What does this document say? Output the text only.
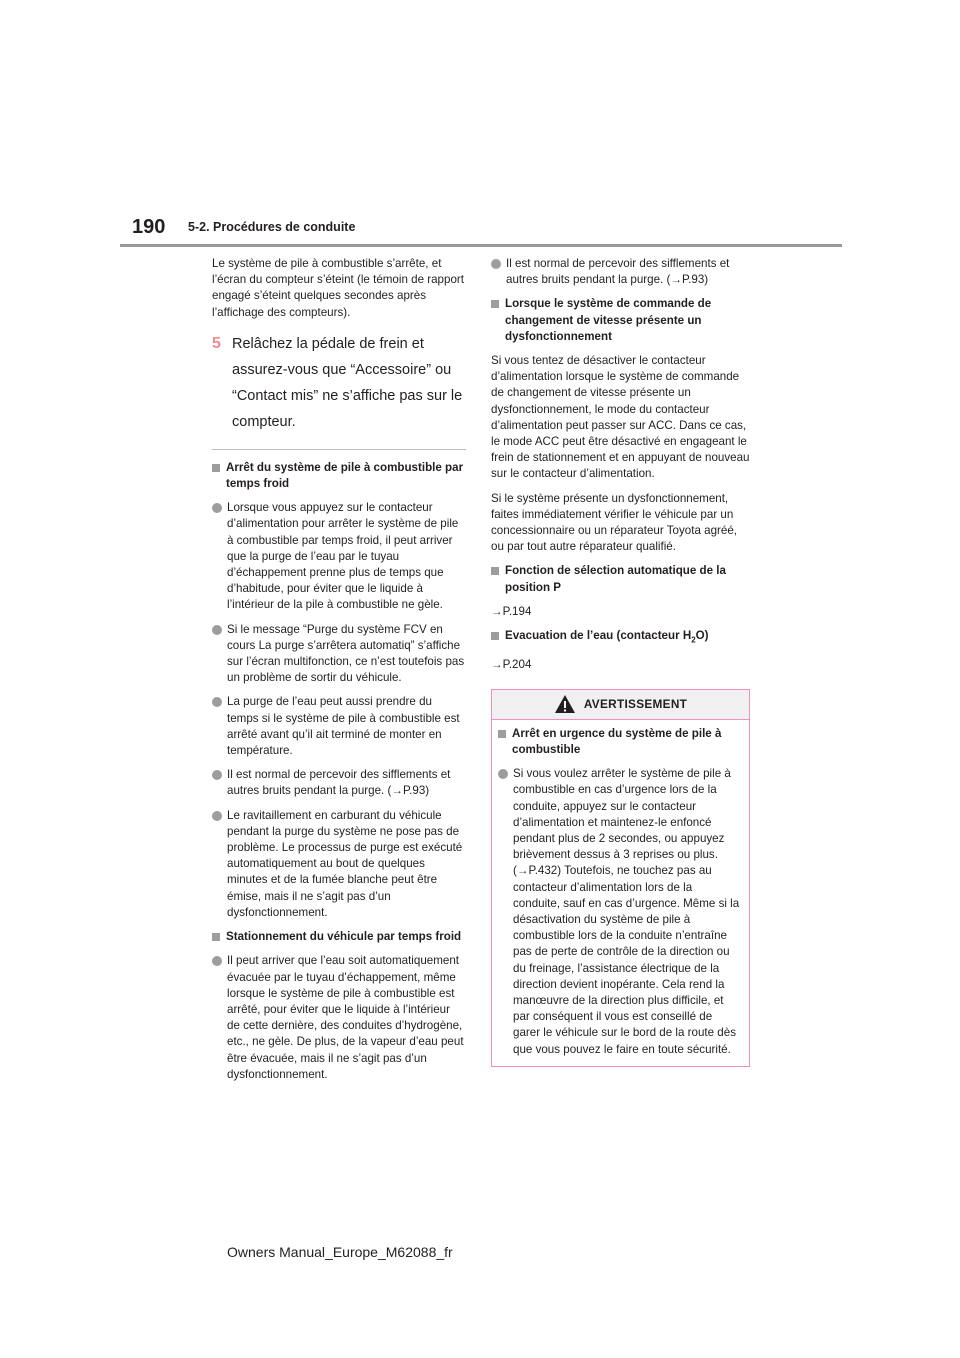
190 5-2. Procédures de conduite

Le système de pile à combustible s’arrête, et l’écran du compteur s’éteint (le témoin de rapport engagé s’éteint quelques secondes après l’affichage des compteurs).

5 Relâchez la pédale de frein et assurez-vous que “Accessoire” ou “Contact mis” ne s’affiche pas sur le compteur.
Arrêt du système de pile à combustible par temps froid
Lorsque vous appuyez sur le contacteur d’alimentation pour arrêter le système de pile à combustible par temps froid, il peut arriver que la purge de l’eau par le tuyau d’échappement prenne plus de temps que d’habitude, pour éviter que le liquide à l’intérieur de la pile à combustible ne gèle.
Si le message “Purge du système FCV en cours La purge s’arrêtera automatiq” s’affiche sur l’écran multifonction, ce n’est toutefois pas un problème de sortir du véhicule.
La purge de l’eau peut aussi prendre du temps si le système de pile à combustible est arrêté avant qu’il ait terminé de monter en température.
Il est normal de percevoir des sifflements et autres bruits pendant la purge. (→P.93)
Le ravitaillement en carburant du véhicule pendant la purge du système ne pose pas de problème. Le processus de purge est exécuté automatiquement au bout de quelques minutes et de la fumée blanche peut être émise, mais il ne s’agit pas d’un dysfonctionnement.
Stationnement du véhicule par temps froid
Il peut arriver que l’eau soit automatiquement évacuée par le tuyau d’échappement, même lorsque le système de pile à combustible est arrêté, pour éviter que le liquide à l’intérieur de cette dernière, des conduites d’hydrogène, etc., ne gèle. De plus, de la vapeur d’eau peut être évacuée, mais il ne s’agit pas d’un dysfonctionnement.
Il est normal de percevoir des sifflements et autres bruits pendant la purge. (→P.93)
Lorsque le système de commande de changement de vitesse présente un dysfonctionnement

Si vous tentez de désactiver le contacteur d’alimentation lorsque le système de commande de changement de vitesse présente un dysfonctionnement, le mode du contacteur d’alimentation peut passer sur ACC. Dans ce cas, le mode ACC peut être désactivé en engageant le frein de stationnement et en appuyant de nouveau sur le contacteur d’alimentation.

Si le système présente un dysfonctionnement, faites immédiatement vérifier le véhicule par un concessionnaire ou un réparateur Toyota agréé, ou par tout autre réparateur qualifié.

Fonction de sélection automatique de la position P

→P.194

Evacuation de l’eau (contacteur $H_2O$)

→P.204

AVERTISSEMENT
Arrêt en urgence du système de pile à combustible
Si vous voulez arrêter le système de pile à combustible en cas d’urgence lors de la conduite, appuyez sur le contacteur d’alimentation et maintenez-le enfoncé pendant plus de 2 secondes, ou appuyez brièvement dessus à 3 reprises ou plus. (→P.432) Toutefois, ne touchez pas au contacteur d’alimentation lors de la conduite, sauf en cas d’urgence. Même si la désactivation du système de pile à combustible lors de la conduite n’entraîne pas de perte de contrôle de la direction ou du freinage, l’assistance électrique de la direction devient inopérante. Cela rend la manœuvre de la direction plus difficile, et par conséquent il vous est conseillé de garer le véhicule sur le bord de la route dès que vous pouvez le faire en toute sécurité.
Owners Manual_Europe_M62088_fr
